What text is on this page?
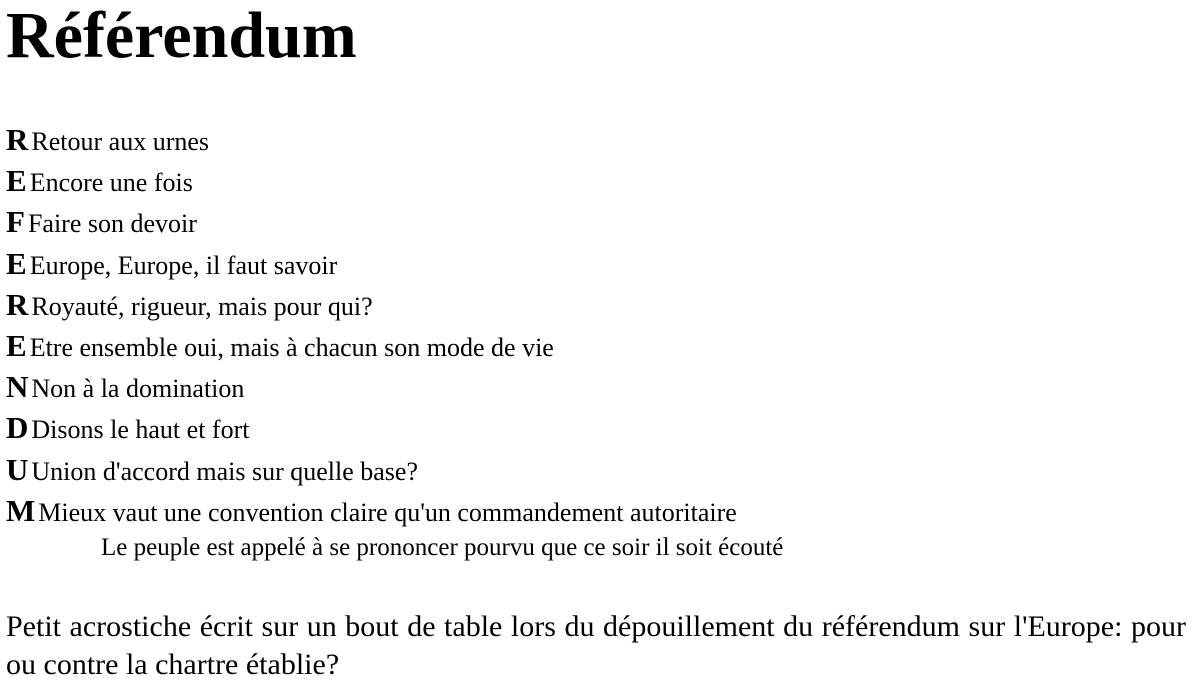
Référendum
R Retour aux urnes
E Encore une fois
F Faire son devoir
E Europe, Europe, il faut savoir
R Royauté, rigueur, mais pour qui?
E Etre ensemble oui, mais à chacun son mode de vie
N Non à la domination
D Disons le haut et fort
U Union d'accord mais sur quelle base?
M Mieux vaut une convention claire qu'un commandement autoritaire

Le peuple est appelé à se prononcer pourvu que ce soir il soit écouté

Petit acrostiche écrit sur un bout de table lors du dépouillement du référendum sur l'Europe: pour ou contre la chartre établie?
